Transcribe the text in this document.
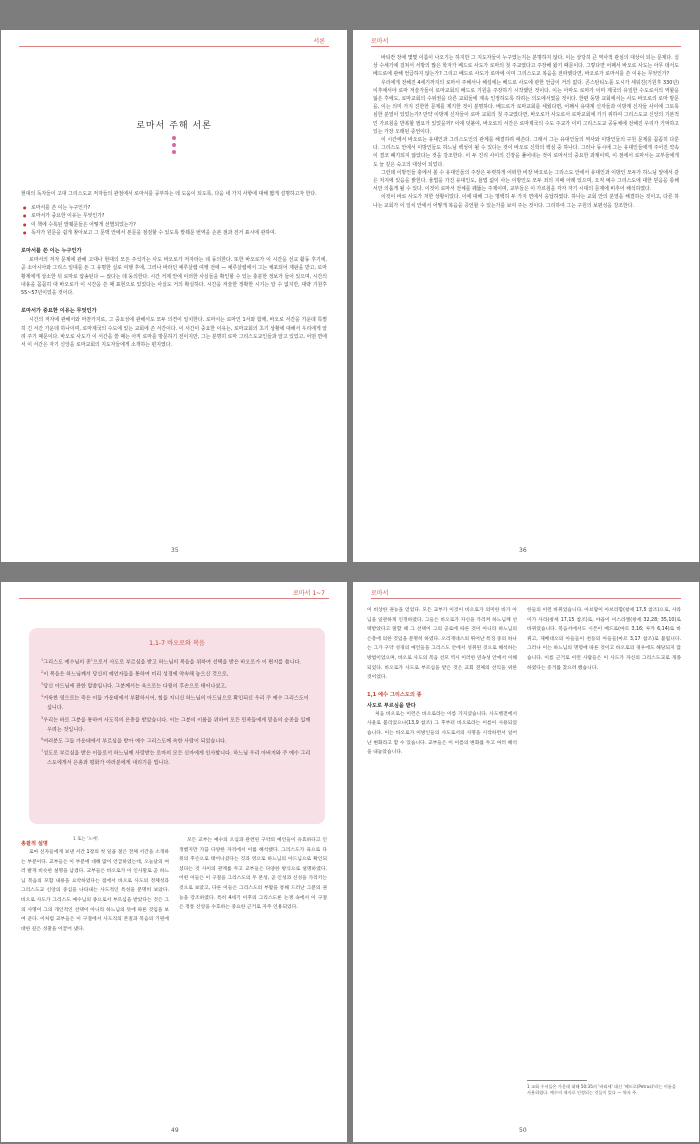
서론
로마서 주해 서론

현대의 독자들이 고대 그리스도교 저자들의 관점에서 로마서를 공부하는 데 도움이 되도록, 다음 네 가지 사항에 대해 짧게 설명하고자 한다.

● 로마서를 쓴 이는 누구인가?
● 로마서가 중요한 이유는 무엇인가?
● 이 책에 수록된 발췌문들은 어떻게 선별되었는가?
● 독자가 원문을 쉽게 찾아보고 그 문맥 안에서 본문을 점검할 수 있도록 발췌문 번역을 손본 점과 전거 표시에 관하여.
로마서를 쓴 이는 누구인가

로마서의 저자 문제에 관해 고대나 현대의 모든 주석가는 사도 바오로가 저자라는 데 동의한다. 또한 바오로가 이 시간을 선교 활동 후기에, 곧 소아시아와 그리스 일대를 돈 그 유명한 실로 여행 후에, 그러나 바라던 예루살렘 여행 전에 — 예루살렘에서 그는 체포되어 재판을 받고, 로마 황제에게 상소한 뒤 로마로 압송된다 — 썼다는 데 동의한다. 시간 거제 안에 이러한 사실들을 확인할 수 있는 충분한 정보가 들어 있으며, 시간의 내용을 꼼꼼히 대 바오로가 이 시간을 쓴 때 표현으로 있었다는 사실도 거의 확실하다. 시간을 저술한 정확한 시기는 알 수 없지만, 대략 기원후 55~57년이었을 것이다.

로마서가 중요한 이유는 무엇인가

시간의 저자에 관해서와 마찬가지로, 그 중요성에 관해서도 모두 의견이 일치한다. 로마서는 로마인 1서와 함께, 바오로 서간을 가운데 특별히 긴 서간 가운데 하나이며, 로마제국의 수도에 있는 교회에 쓴 서간이다. 이 서간이 중요한 이유는, 로마교회의 초기 상황에 대해서 우리에게 알려 주기 때문이다. 바오로 사도가 이 서간을 쓸 때는 아직 로마를 방문하기 전이지만, 그는 분명히 로마 그리스도교인들과 알고 있었고, 어떤 면에서 이 서간은 자기 신앙을 로마교회의 지도자들에게 소개하는 편지였다.

35
로마서

바티칸 장에 몇몇 이름이 나오기는 하지만 그 지도자들이 누구였는지는 분명하지 않다. 이는 상당히 큰 역사적 관심의 대상이 되는 문제다. 실상 수세기에 걸쳐서 서방의 많은 학자가 베드로 사도가 로마의 첫 주교였다고 주장해 왔기 때문이다. 그렇다면 어째서 바오로 사도는 아무 데서도 베드로에 관해 언급하지 않는가? 그리고 베드로 사도가 로마에 이미 그리스도교 복음을 전파했다면, 바오로가 로마서를 쓴 이유는 무엇인가?

우리에게 전해진 4세기까지의 로마서 주해서나 해설에는 베드로 사도에 관한 언급이 거의 없다. 콘스탄티노플 도시가 세워진(기원후 330년) 이후에서야 로마 저술가들이 로마교회의 베드로 기원을 주장하기 시작했던 것이다. 이는 아마도 로마가 이미 제국의 유일한 수도로서의 역할을 잃은 후에도, 로마교회의 수위권을 다른 교회들에 계속 인정하도록 하려는 의도에서였을 것이다. 한편 동방 교회에서는 사도 바오로의 로마 방문을, 이는 의미 가지 진한한 문제를 제기한 것이 분명하다. 베드로가 로마교회를 세웠다면, 어째서 유대계 신자들과 이방계 신자들 사이에 그토록 심한 분열이 있었는가? 만약 이방계 신자들이 로마 교회의 첫 주교였다면, 바오로가 사도로서 로마교회에 가기 위하여 그리스도교 신앙의 기본적인 가르침을 반복할 필요가 있었을까? 이에 덧붙여, 바오로의 서간은 로마제국의 수도 주교가 이미 그리스도교 공동체에 전해진 우리가 기억하고 있는 가장 오래된 증언이다.

이 시간에서 바오로는 유대인과 그리스도인의 관계를 해결하려 애쓴다. 그래서 그는 유대인들의 역사와 이방인들의 구원 문제를 꼼꼼히 다룬다. 그리스도 안에서 이방인들도 하느님 백성이 될 수 있다는 것이 바오로 신학의 핵심 중 하나다. 그러나 동시에 그는 유대인들에게 주어진 약속이 결코 폐기되지 않았다는 것을 강조한다. 이 두 진리 사이의 긴장을 풀어내는 것이 로마서의 중요한 과제이며, 이 점에서 로마서는 교부들에게도 늘 깊은 숙고의 대상이 되었다.

그런데 이방인들 충에서 볼 수 유대인들의 주장은 두렷하게 어떠한 비장 바오로는 그리스도 안에서 유대인과 이방인 모두가 하느님 앞에서 같은 처지에 있음을 밝힌다. 율법을 가진 유대인도, 율법 없이 사는 이방인도 모두 죄의 지배 아래 있으며, 오직 예수 그리스도에 대한 믿음을 통해서만 의롭게 될 수 있다. 이것이 로마서 전체를 꿰뚫는 주제이며, 교부들은 이 가르침을 각자 자기 시대의 문제에 비추어 해석하였다.

이것이 바로 사도가 처한 상황이었다. 이에 대해 그는 명백히 두 가지 면에서 응답하였다. 하나는 교회 안의 분열을 해결하는 것이고, 다른 하나는 교회가 이 일치 안에서 어떻게 복음을 증언할 수 있는가를 보여 주는 것이다. 그리하여 그는 구원의 보편성을 강조한다.

36
로마서 1~7
1,1-7 바오로와 복음

$^1$그리스도 예수님의 종$^1$으로서 사도로 부르심을 받고 하느님의 복음을 위하여 선택을 받은 바오로가 이 편지를 씁니다.

$^2$이 복음은 하느님께서 당신의 예언자들을 통하여 미리 성경에 약속해 놓으신 것으로,

$^3$당신 아드님에 관한 말씀입니다. 그분께서는 육으로는 다윗의 후손으로 태어나셨고,

$^4$거룩한 영으로는 죽은 이들 가운데에서 부활하시어, 힘을 지니신 하느님의 아드님으로 확인되신 우리 주 예수 그리스도이십니다.

$^5$우리는 바로 그분을 통하여 사도직의 은총을 받았습니다. 이는 그분의 이름을 위하여 모든 민족들에게 믿음의 순종을 일깨우려는 것입니다.

$^6$여러분도 그들 가운데에서 부르심을 받아 예수 그리스도께 속한 사람이 되었습니다.

$^7$성도로 부르심을 받은 이들로서 하느님께 사랑받는 로마의 모든 신자에게 인사합니다. 하느님 우리 아버지와 주 예수 그리스도에게서 은총과 평화가 여러분에게 내리기를 빕니다.

1 또는 '노예'.
총괄적 설명

로마 신자들에게 보낸 서간 1장의 첫 일곱 절은 전체 서간을 소개하는 부분이다. 교부들은 이 부분에 대해 많이 언급하였는데, 오늘날의 여러 발게 비슷한 설명을 남겼다. 교부들은 바오로가 이 인사말로 곧 하느님 복음의 포함 내용을 요약하였다는 점에서 바오로 사도의 정체성과 그리스도교 신앙의 중심을 나타내는 사도적인 특성을 분명히 보았다. 바오로 사도가 그리스도 예수님의 종으로서 부르심을 받았다는 것은 그의 사명이 그의 개인적인 선택이 아니라 하느님의 뜻에 따른 것임을 보여 준다. 이처럼 교부들은 이 구절에서 사도직의 본질과 복음의 기원에 대한 깊은 성찰을 이끌어 냈다.

모든 교부는 예수의 오심과 관련된 구약의 예언들이 유효하다고 인정했지만 가끔 다양한 자격에서 이를 해석했다. 그리스도가 육으로 다윗의 후손으로 태어나셨다는 것과 영으로 하느님의 아드님으로 확인되셨다는 것 사이의 관계를 두고 교부들은 다양한 방식으로 설명하였다. 어떤 이들은 이 구절을 그리스도의 두 본성, 곧 인성과 신성을 가리키는 것으로 보았고, 다른 이들은 그리스도의 부활을 통해 드러난 그분의 권능을 강조하였다. 특히 4세기 이후의 그리스도론 논쟁 속에서 이 구절은 정통 신앙을 수호하는 중요한 근거로 자주 인용되었다.

49
로마서

이 비상한 권능을 얻었다. 모든 교부가 이것이 바오로가 의미한 바가 아님을 일관하게 인정하였다. 그들은 바오로가 자신을 가리켜 하느님께 선택받았다고 말할 때 그 선택이 그의 공로에 따른 것이 아니라 하느님의 은총에 의한 것임을 분명히 하였다. 오리게네스의 뛰어난 특징 중의 하나는 그가 구약 성경의 예언들을 그리스도 안에서 성취된 것으로 해석하는 방법이었으며, 바오로 사도의 복음 선포 역시 이러한 연속성 안에서 이해되었다. 바오로가 사도로 부르심을 받은 것은 교회 전체의 선익을 위한 것이었다.

1,1 예수 그리스도의 종
사도로 부르심을 받다

처음 바오로는 이런은 바오로라는 이름 가지셨습니다. 사도행전에서 사울로 불리었으나(13,9 참조) 그 후부터 바오로라는 이름이 사용되었습니다. 이는 바오로가 이방인들의 사도로서의 사명을 시작하면서 일어난 변화라고 할 수 있습니다. 교부들은 이 이름의 변화를 두고 여러 해석을 내놓았습니다.

한들의 이런 바뀌었습니다. 아브람이 아브라함(창세 17,5 참조)으로, 사라이가 사라(창세 17,15 참조)로, 야곱이 이스라엘(창세 32,28; 35,10)로 바뀌었습니다. 복음서에서도 시몬이 베드로(마르 3,16; 루카 6,14)로 바뀌고, 제베대오의 아들들이 천둥의 아들들(마르 3,17 참조)로 불립니다. 그러나 이는 하느님의 명령에 따른 것이고 바오로의 경우에도 해당되지 않습니다. 이름 근거로 이런 사람들은 이 사도가 자신의 그리스도교로 개종하였다는 증거를 찾으려 했습니다.

1 교회 수서들은 가운데 대해 50:35의 '바리새' 대신 '베드로(Petrus)'라는 이름을 사용하였다. 예수의 제자로 인정되는 것들이 있다 — 역자 주.
50
